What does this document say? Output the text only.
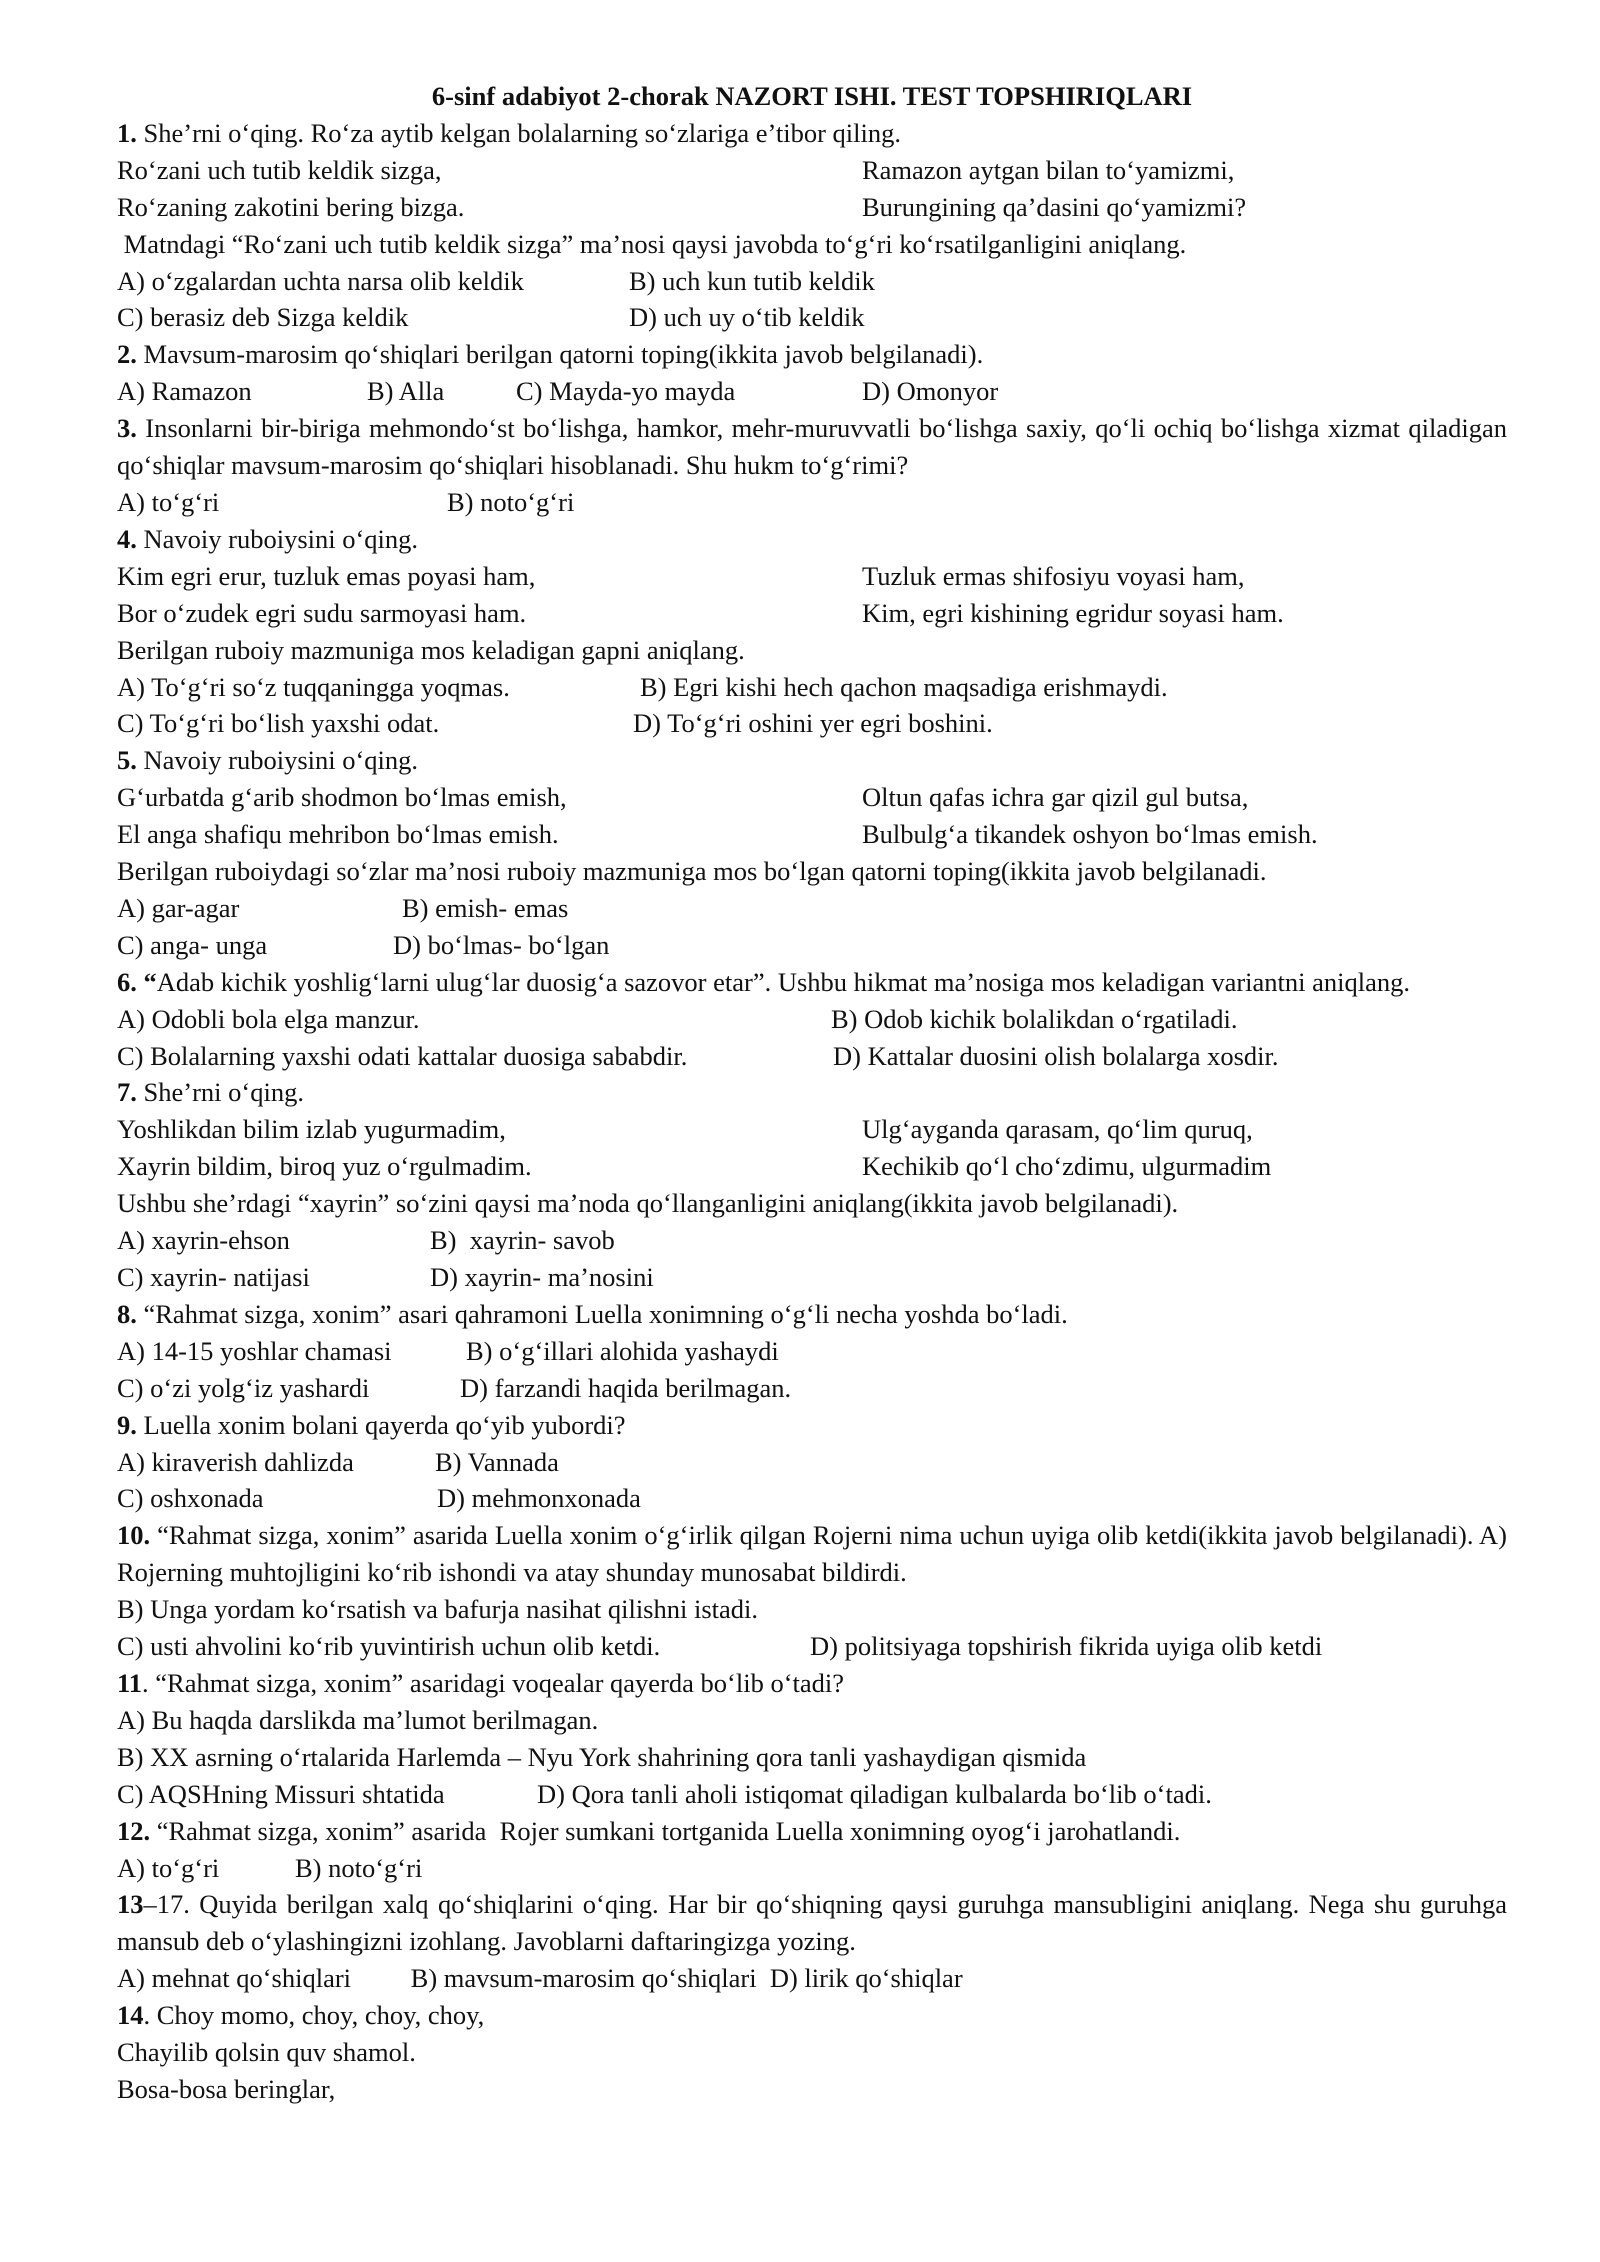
6-sinf adabiyot 2-chorak NAZORT ISHI. TEST TOPSHIRIQLARI
1. She’rni o‘qing. Ro‘za aytib kelgan bolalarning so‘zlariga e’tibor qiling.
Ro‘zani uch tutib keldik sizga,	Ramazon aytgan bilan to‘yamizmi,
Ro‘zaning zakotini bering bizga.	Burungining qa’dasini qo‘yamizmi?
Matndagi “Ro‘zani uch tutib keldik sizga” ma’nosi qaysi javobda to‘g‘ri ko‘rsatilganligini aniqlang.
A) o‘zgalardan uchta narsa olib keldik	B) uch kun tutib keldik
C) berasiz deb Sizga keldik	D) uch uy o‘tib keldik
2. Mavsum-marosim qo‘shiqlari berilgan qatorni toping(ikkita javob belgilanadi).
A) Ramazon	B) Alla	C) Mayda-yo mayda	D) Omonyor
3. Insonlarni bir-biriga mehmondo‘st bo‘lishga, hamkor, mehr-muruvvatli bo‘lishga saxiy, qo‘li ochiq bo‘lishga xizmat qiladigan qo‘shiqlar mavsum-marosim qo‘shiqlari hisoblanadi. Shu hukm to‘g‘rimi?
A) to‘g‘ri	B) noto‘g‘ri
4. Navoiy ruboiysini o‘qing.
Kim egri erur, tuzluk emas poyasi ham,	Tuzluk ermas shifosiyu voyasi ham,
Bor o‘zudek egri sudu sarmoyasi ham.	Kim, egri kishining egridur soyasi ham.
Berilgan ruboiy mazmuniga mos keladigan gapni aniqlang.
A) To‘g‘ri so‘z tuqqaningga yoqmas.	B) Egri kishi hech qachon maqsadiga erishmaydi.
C) To‘g‘ri bo‘lish yaxshi odat.	D) To‘g‘ri oshini yer egri boshini.
5. Navoiy ruboiysini o‘qing.
G‘urbatda g‘arib shodmon bo‘lmas emish,	Oltun qafas ichra gar qizil gul butsa,
El anga shafiqu mehribon bo‘lmas emish.	Bulbulg‘a tikandek oshyon bo‘lmas emish.
Berilgan ruboiydagi so‘zlar ma’nosi ruboiy mazmuniga mos bo‘lgan qatorni toping(ikkita javob belgilanadi.
A) gar-agar	B) emish- emas
C) anga- unga	D) bo‘lmas- bo‘lgan
6. “Adab kichik yoshlig‘larni ulug‘lar duosig‘a sazovor etar”. Ushbu hikmat ma’nosiga mos keladigan variantni aniqlang.
A) Odobli bola elga manzur.	B) Odob kichik bolalikdan o‘rgatiladi.
C) Bolalarning yaxshi odati kattalar duosiga sababdir.	D) Kattalar duosini olish bolalarga xosdir.
7. She’rni o‘qing.
Yoshlikdan bilim izlab yugurmadim,	Ulg‘ayganda qarasam, qo‘lim quruq,
Xayrin bildim, biroq yuz o‘rgulmadim.	Kechikib qo‘l cho‘zdimu, ulgurmadim
Ushbu she’rdagi “xayrin” so‘zini qaysi ma’noda qo‘llanganligini aniqlang(ikkita javob belgilanadi).
A) xayrin-ehson	B)  xayrin- savob
C) xayrin- natijasi	D) xayrin- ma’nosini
8. “Rahmat sizga, xonim” asari qahramoni Luella xonimning o‘g‘li necha yoshda bo‘ladi.
A) 14-15 yoshlar chamasi	B) o‘g‘illari alohida yashaydi
C) o‘zi yolg‘iz yashardi	D) farzandi haqida berilmagan.
9. Luella xonim bolani qayerda qo‘yib yubordi?
A) kiraverish dahlizda	B) Vannada
C) oshxonada	D) mehmonxonada
10. “Rahmat sizga, xonim” asarida Luella xonim o‘g‘irlik qilgan Rojerni nima uchun uyiga olib ketdi(ikkita javob belgilanadi). A) Rojerning muhtojligini ko‘rib ishondi va atay shunday munosabat bildirdi.
B) Unga yordam ko‘rsatish va bafurja nasihat qilishni istadi.
C) usti ahvolini ko‘rib yuvintirish uchun olib ketdi.	D) politsiyaga topshirish fikrida uyiga olib ketdi
11. “Rahmat sizga, xonim” asaridagi voqealar qayerda bo‘lib o‘tadi?
A) Bu haqda darslikda ma’lumot berilmagan.
B) XX asrning o‘rtalarida Harlemda – Nyu York shahrining qora tanli yashaydigan qismida
C) AQSHning Missuri shtatida	D) Qora tanli aholi istiqomat qiladigan kulbalarda bo‘lib o‘tadi.
12. “Rahmat sizga, xonim” asarida  Rojer sumkani tortganida Luella xonimning oyog‘i jarohatlandi.
A) to‘g‘ri	B) noto‘g‘ri
13–17. Quyida berilgan xalq qo‘shiqlarini o‘qing. Har bir qo‘shiqning qaysi guruhga mansubligini aniqlang. Nega shu guruhga mansub deb o‘ylashingizni izohlang. Javoblarni daftaringizga yozing.
A) mehnat qo‘shiqlari         B) mavsum-marosim qo‘shiqlari  D) lirik qo‘shiqlar
14. Choy momo, choy, choy, choy,
Chayilib qolsin quv shamol.
Bosa-bosa beringlar,
